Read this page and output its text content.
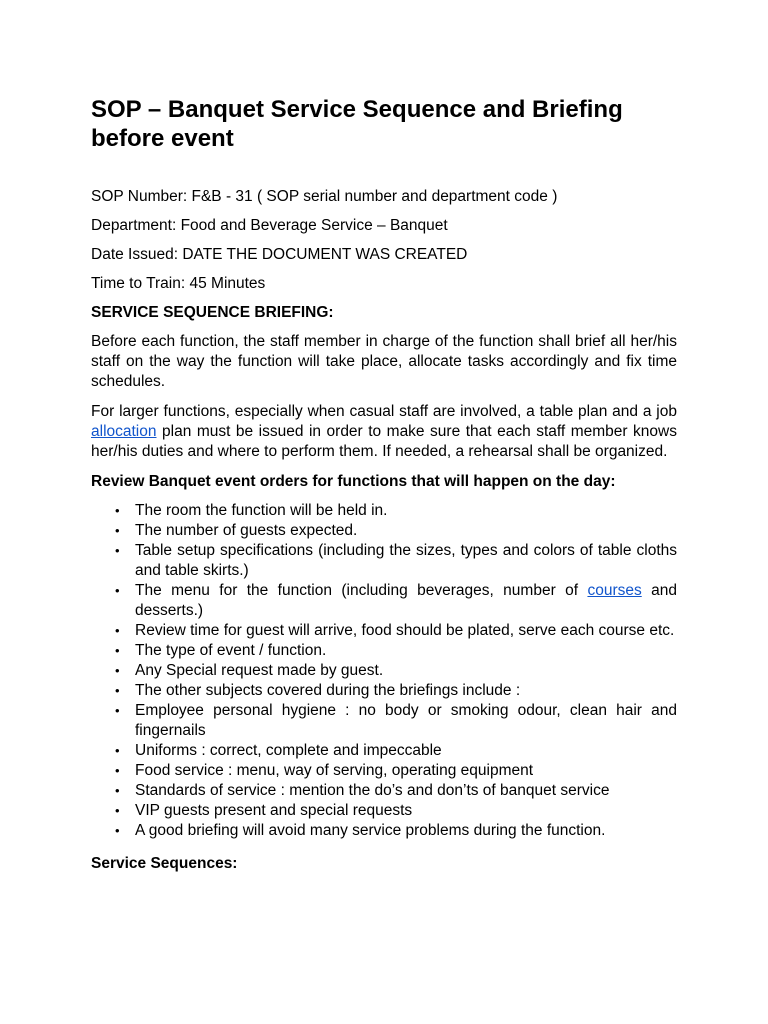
SOP – Banquet Service Sequence and Briefing before event

SOP Number: F&B - 31 ( SOP serial number and department code )

Department: Food and Beverage Service – Banquet

Date Issued: DATE THE DOCUMENT WAS CREATED

Time to Train: 45 Minutes

SERVICE SEQUENCE BRIEFING:

Before each function, the staff member in charge of the function shall brief all her/his staff on the way the function will take place, allocate tasks accordingly and fix time schedules.

For larger functions, especially when casual staff are involved, a table plan and a job allocation plan must be issued in order to make sure that each staff member knows her/his duties and where to perform them. If needed, a rehearsal shall be organized.

Review Banquet event orders for functions that will happen on the day:

• The room the function will be held in.
• The number of guests expected.
• Table setup specifications (including the sizes, types and colors of table cloths and table skirts.)
• The menu for the function (including beverages, number of courses and desserts.)
• Review time for guest will arrive, food should be plated, serve each course etc.
• The type of event / function.
• Any Special request made by guest.
• The other subjects covered during the briefings include :
• Employee personal hygiene : no body or smoking odour, clean hair and fingernails
• Uniforms : correct, complete and impeccable
• Food service : menu, way of serving, operating equipment
• Standards of service : mention the do’s and don’ts of banquet service
• VIP guests present and special requests
• A good briefing will avoid many service problems during the function.

Service Sequences:
